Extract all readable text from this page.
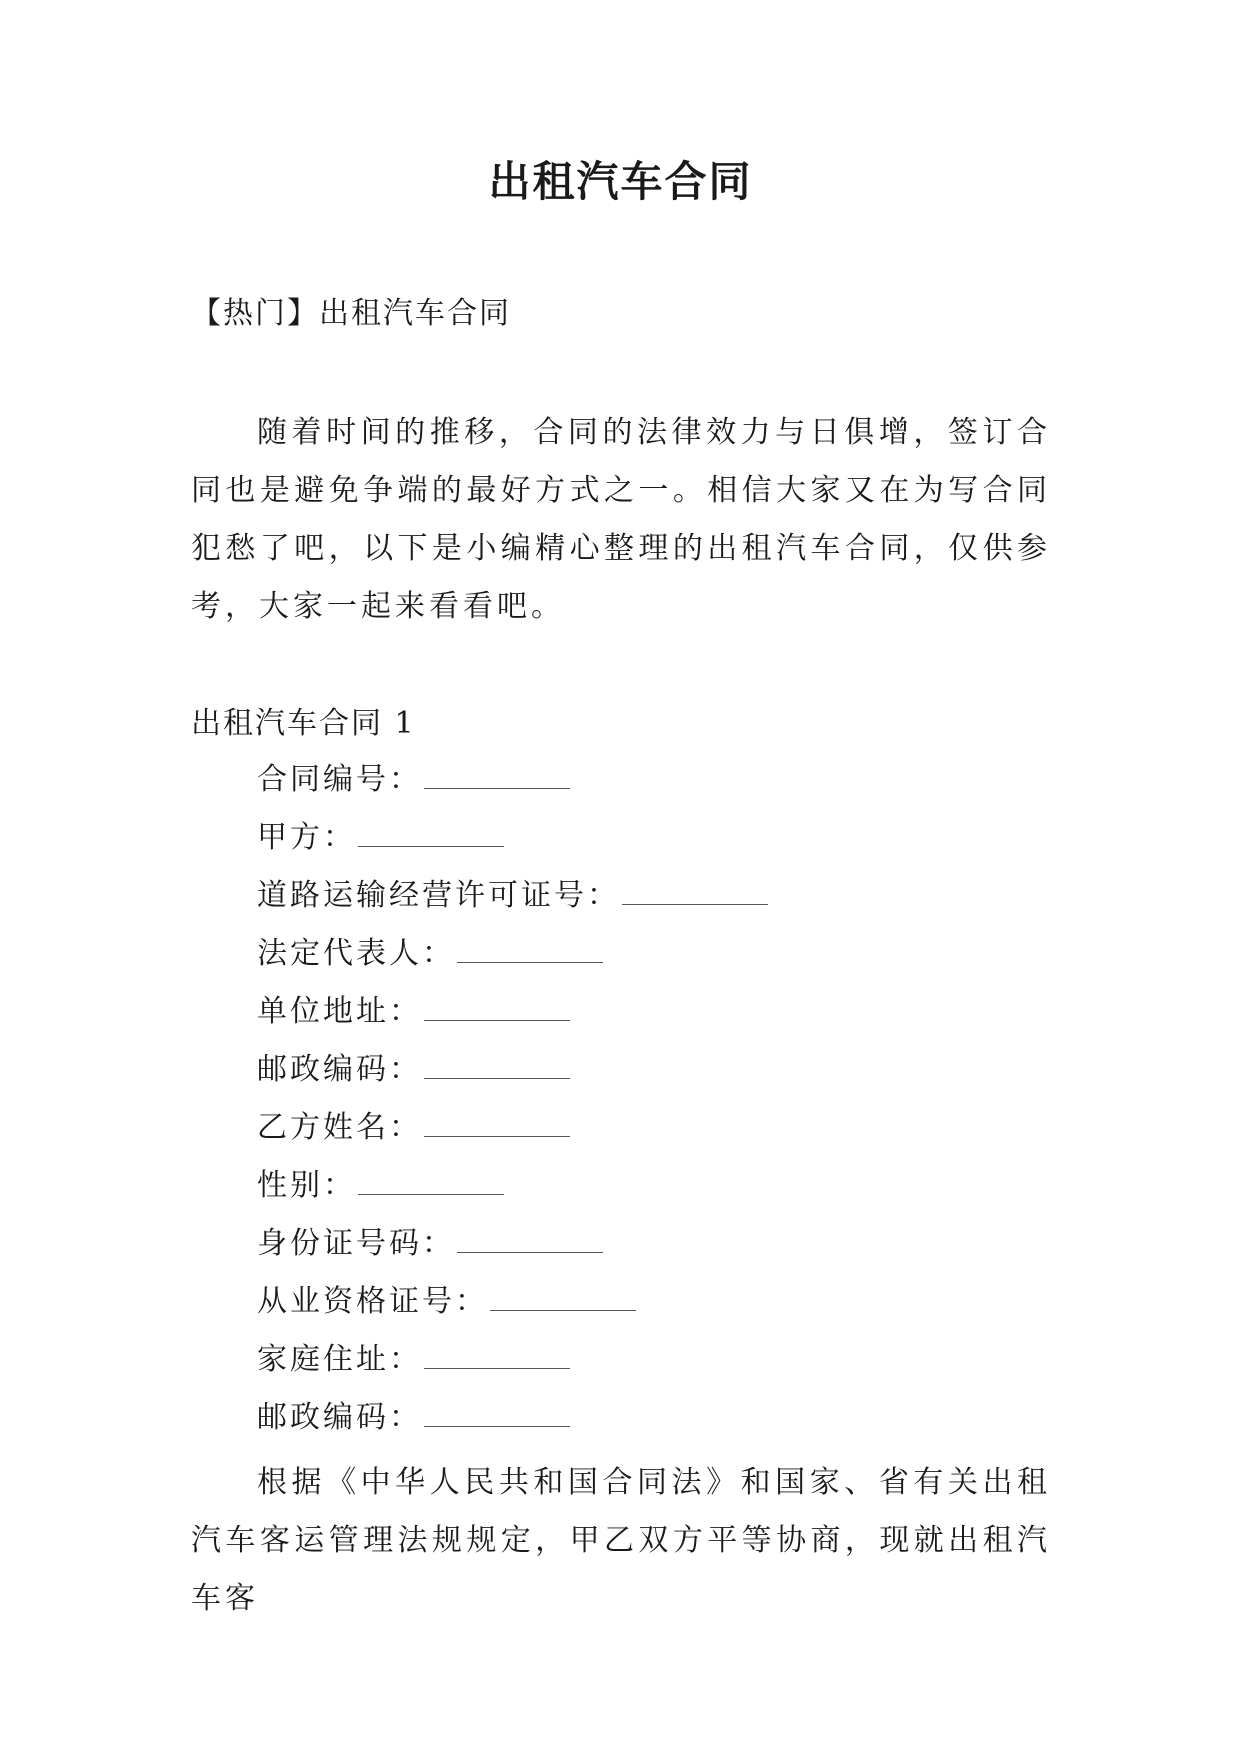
出租汽车合同
【热门】出租汽车合同
随着时间的推移，合同的法律效力与日俱增，签订合同也是避免争端的最好方式之一。相信大家又在为写合同犯愁了吧，以下是小编精心整理的出租汽车合同，仅供参考，大家一起来看看吧。
出租汽车合同 1
合同编号：
甲方：
道路运输经营许可证号：
法定代表人：
单位地址：
邮政编码：
乙方姓名：
性别：
身份证号码：
从业资格证号：
家庭住址：
邮政编码：
根据《中华人民共和国合同法》和国家、省有关出租汽车客运管理法规规定，甲乙双方平等协商，现就出租汽车客
